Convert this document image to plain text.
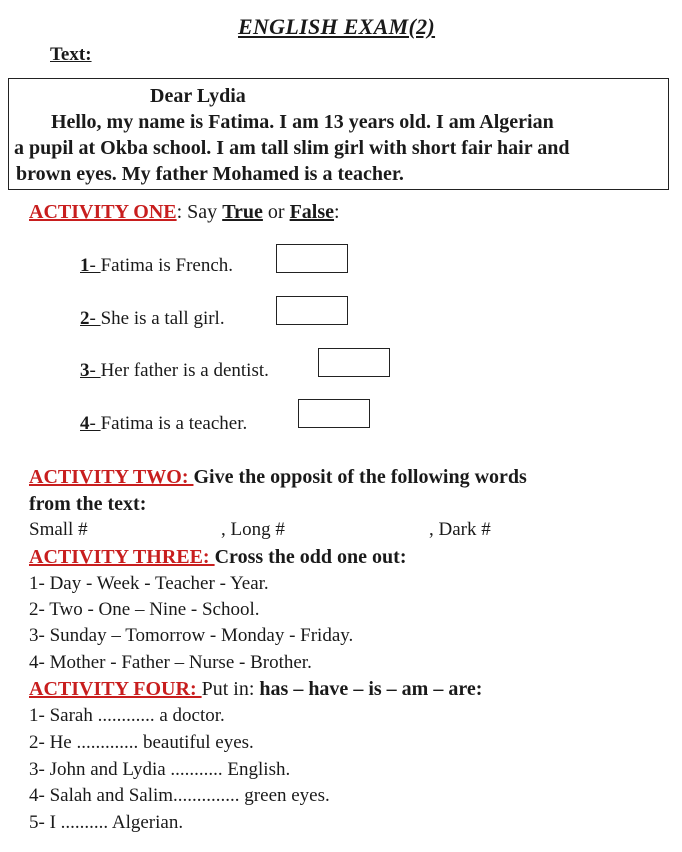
ENGLISH EXAM(2)
Text:
Dear Lydia
Hello, my name is Fatima. I am 13 years old. I am Algerian
a pupil at Okba school. I am tall slim girl with short fair hair and
brown eyes. My father Mohamed is a teacher.
ACTIVITY ONE: Say True or False:
1- Fatima is French.
2- She is a tall girl.
3- Her father is a dentist.
4- Fatima is a teacher.
ACTIVITY TWO: Give the opposit of the following words
from the text:
Small #	, Long #	, Dark #
ACTIVITY THREE: Cross the odd one out:
1- Day - Week - Teacher - Year.
2- Two - One – Nine - School.
3- Sunday – Tomorrow - Monday - Friday.
4- Mother - Father – Nurse - Brother.
ACTIVITY FOUR: Put in: has – have – is – am – are:
1- Sarah ............ a doctor.
2- He ............. beautiful eyes.
3- John and Lydia ........... English.
4- Salah and Salim.............. green eyes.
5- I .......... Algerian.
